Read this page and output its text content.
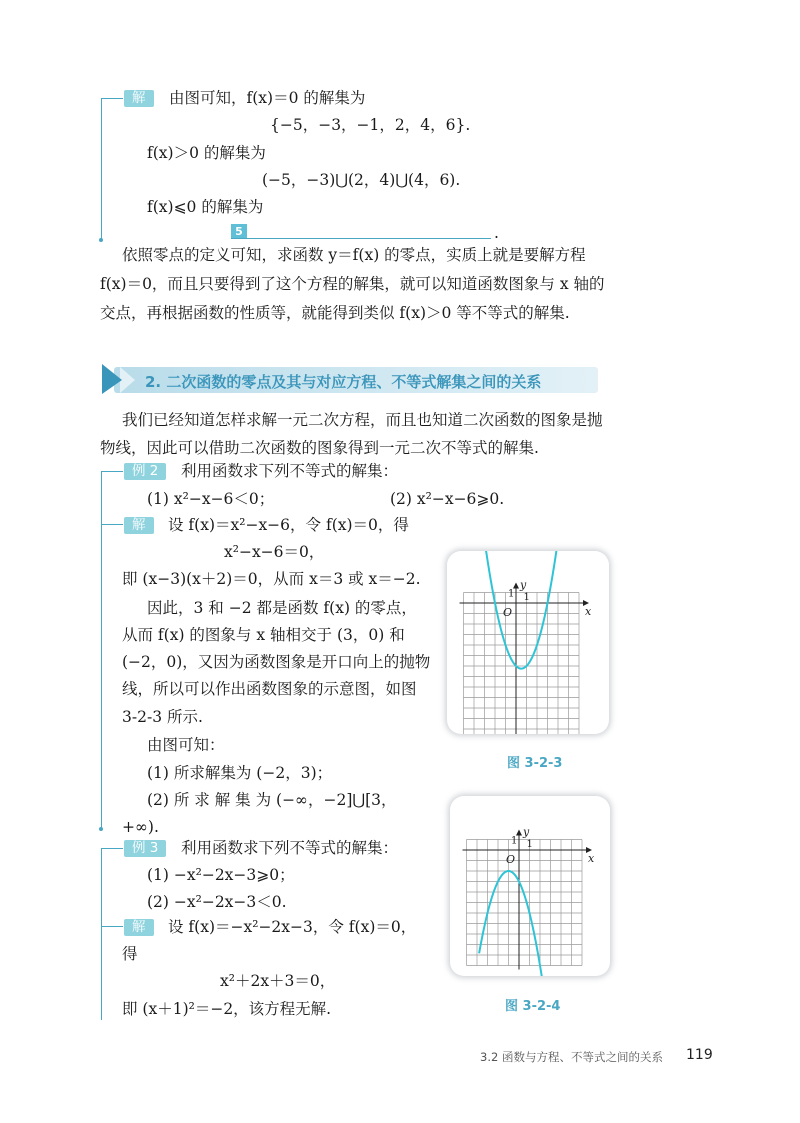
解	由图可知，f(x)＝0 的解集为
{−5，−3，−1，2，4，6}.
f(x)＞0 的解集为
(−5，−3)⋃(2，4)⋃(4，6).
f(x)⩽0 的解集为
5	.
依照零点的定义可知，求函数 y＝f(x) 的零点，实质上就是要解方程
f(x)＝0，而且只要得到了这个方程的解集，就可以知道函数图象与 x 轴的
交点，再根据函数的性质等，就能得到类似 f(x)＞0 等不等式的解集.
2. 二次函数的零点及其与对应方程、不等式解集之间的关系
我们已经知道怎样求解一元二次方程，而且也知道二次函数的图象是抛
物线，因此可以借助二次函数的图象得到一元二次不等式的解集.
例 2	利用函数求下列不等式的解集：
(1) x²−x−6＜0；	(2) x²−x−6⩾0.
解	设 f(x)＝x²−x−6，令 f(x)＝0，得
x²−x−6＝0，
即 (x−3)(x＋2)＝0，从而 x＝3 或 x＝−2.
因此，3 和 −2 都是函数 f(x) 的零点，
从而 f(x) 的图象与 x 轴相交于 (3，0) 和
(−2，0)，又因为函数图象是开口向上的抛物
线，所以可以作出函数图象的示意图，如图
3-2-3 所示.
由图可知：
(1) 所求解集为 (−2，3)；
(2) 所 求 解 集 为 (−∞，−2]⋃[3，
+∞).
例 3	利用函数求下列不等式的解集：
(1) −x²−2x−3⩾0；
(2) −x²−2x−3＜0.
解	设 f(x)＝−x²−2x−3，令 f(x)＝0，
得
x²＋2x＋3＝0，
即 (x＋1)²＝−2，该方程无解.
x
y
O
1
1
图 3-2-3
x
y
O
1
1
图 3-2-4
3.2 函数与方程、不等式之间的关系 119
